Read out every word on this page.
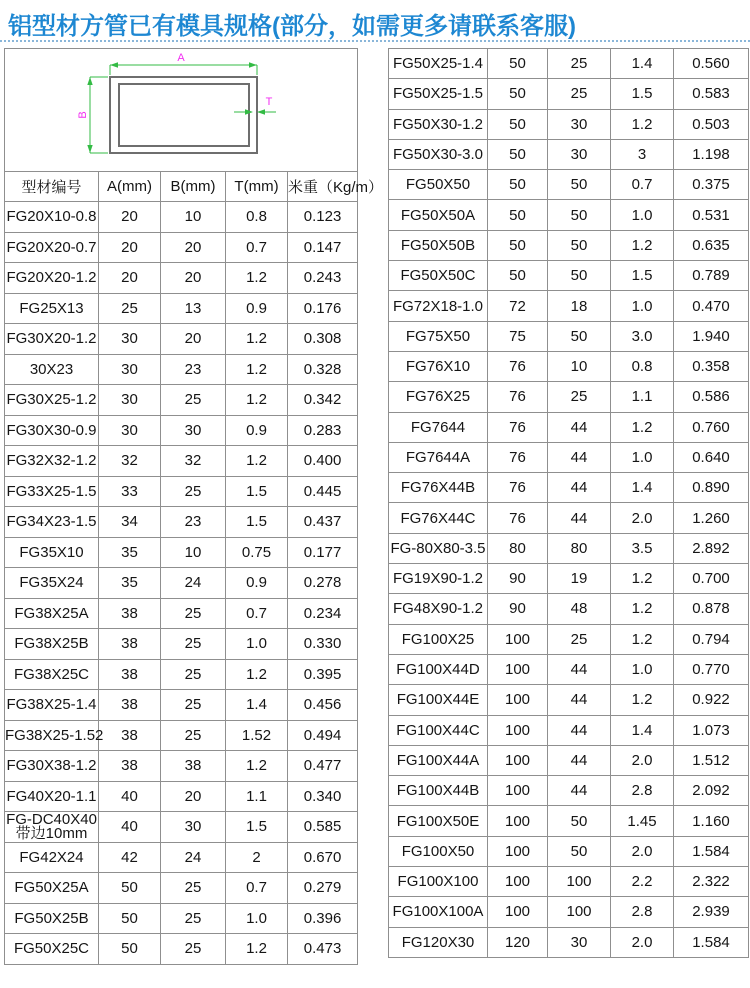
铝型材方管已有模具规格(部分，如需更多请联系客服)
A
B
T				

型材编号	A(mm)	B(mm)	T(mm)	米重（Kg/m）
FG20X10-0.8	20	10	0.8	0.123
FG20X20-0.7	20	20	0.7	0.147
FG20X20-1.2	20	20	1.2	0.243
FG25X13	25	13	0.9	0.176
FG30X20-1.2	30	20	1.2	0.308
30X23	30	23	1.2	0.328
FG30X25-1.2	30	25	1.2	0.342
FG30X30-0.9	30	30	0.9	0.283
FG32X32-1.2	32	32	1.2	0.400
FG33X25-1.5	33	25	1.5	0.445
FG34X23-1.5	34	23	1.5	0.437
FG35X10	35	10	0.75	0.177
FG35X24	35	24	0.9	0.278
FG38X25A	38	25	0.7	0.234
FG38X25B	38	25	1.0	0.330
FG38X25C	38	25	1.2	0.395
FG38X25-1.4	38	25	1.4	0.456
FG38X25-1.52	38	25	1.52	0.494
FG30X38-1.2	38	38	1.2	0.477
FG40X20-1.1	40	20	1.1	0.340
FG-DC40X40
带边10mm	40	30	1.5	0.585
FG42X24	42	24	2	0.670
FG50X25A	50	25	0.7	0.279
FG50X25B	50	25	1.0	0.396
FG50X25C	50	25	1.2	0.473
FG50X25-1.4	50	25	1.4	0.560
FG50X25-1.5	50	25	1.5	0.583
FG50X30-1.2	50	30	1.2	0.503
FG50X30-3.0	50	30	3	1.198
FG50X50	50	50	0.7	0.375
FG50X50A	50	50	1.0	0.531
FG50X50B	50	50	1.2	0.635
FG50X50C	50	50	1.5	0.789
FG72X18-1.0	72	18	1.0	0.470
FG75X50	75	50	3.0	1.940
FG76X10	76	10	0.8	0.358
FG76X25	76	25	1.1	0.586
FG7644	76	44	1.2	0.760
FG7644A	76	44	1.0	0.640
FG76X44B	76	44	1.4	0.890
FG76X44C	76	44	2.0	1.260
FG-80X80-3.5	80	80	3.5	2.892
FG19X90-1.2	90	19	1.2	0.700
FG48X90-1.2	90	48	1.2	0.878
FG100X25	100	25	1.2	0.794
FG100X44D	100	44	1.0	0.770
FG100X44E	100	44	1.2	0.922
FG100X44C	100	44	1.4	1.073
FG100X44A	100	44	2.0	1.512
FG100X44B	100	44	2.8	2.092
FG100X50E	100	50	1.45	1.160
FG100X50	100	50	2.0	1.584
FG100X100	100	100	2.2	2.322
FG100X100A	100	100	2.8	2.939
FG120X30	120	30	2.0	1.584
